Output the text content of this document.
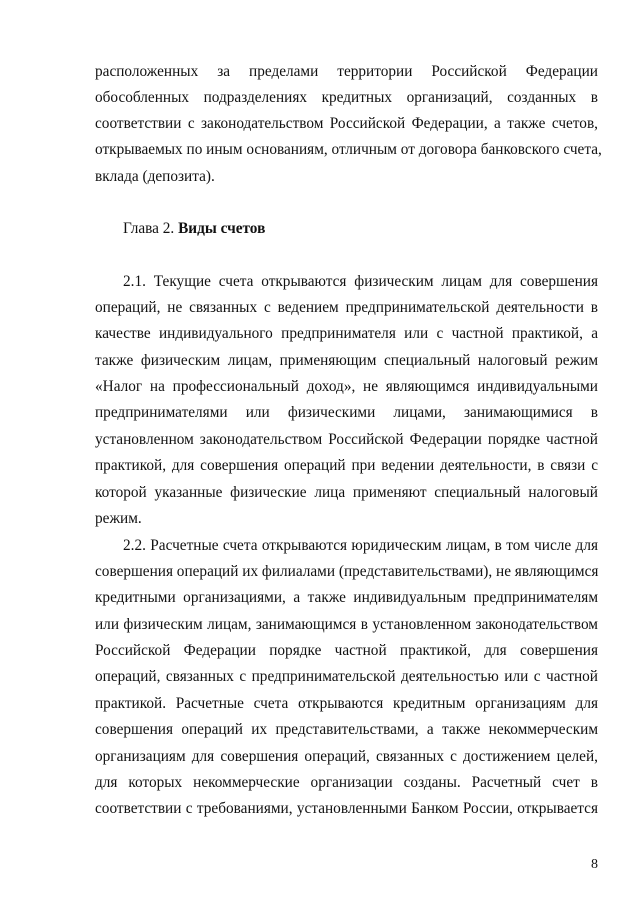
расположенных за пределами территории Российской Федерации
обособленных подразделениях кредитных организаций, созданных в
соответствии с законодательством Российской Федерации, а также счетов,
открываемых по иным основаниям, отличным от договора банковского счета,
вклада (депозита).
Глава 2. Виды счетов
2.1. Текущие счета открываются физическим лицам для совершения
операций, не связанных с ведением предпринимательской деятельности в
качестве индивидуального предпринимателя или с частной практикой, а
также физическим лицам, применяющим специальный налоговый режим
«Налог на профессиональный доход», не являющимся индивидуальными
предпринимателями или физическими лицами, занимающимися в
установленном законодательством Российской Федерации порядке частной
практикой, для совершения операций при ведении деятельности, в связи с
которой указанные физические лица применяют специальный налоговый
режим.
2.2. Расчетные счета открываются юридическим лицам, в том числе для
совершения операций их филиалами (представительствами), не являющимся
кредитными организациями, а также индивидуальным предпринимателям
или физическим лицам, занимающимся в установленном законодательством
Российской Федерации порядке частной практикой, для совершения
операций, связанных с предпринимательской деятельностью или с частной
практикой. Расчетные счета открываются кредитным организациям для
совершения операций их представительствами, а также некоммерческим
организациям для совершения операций, связанных с достижением целей,
для которых некоммерческие организации созданы. Расчетный счет в
соответствии с требованиями, установленными Банком России, открывается
8
